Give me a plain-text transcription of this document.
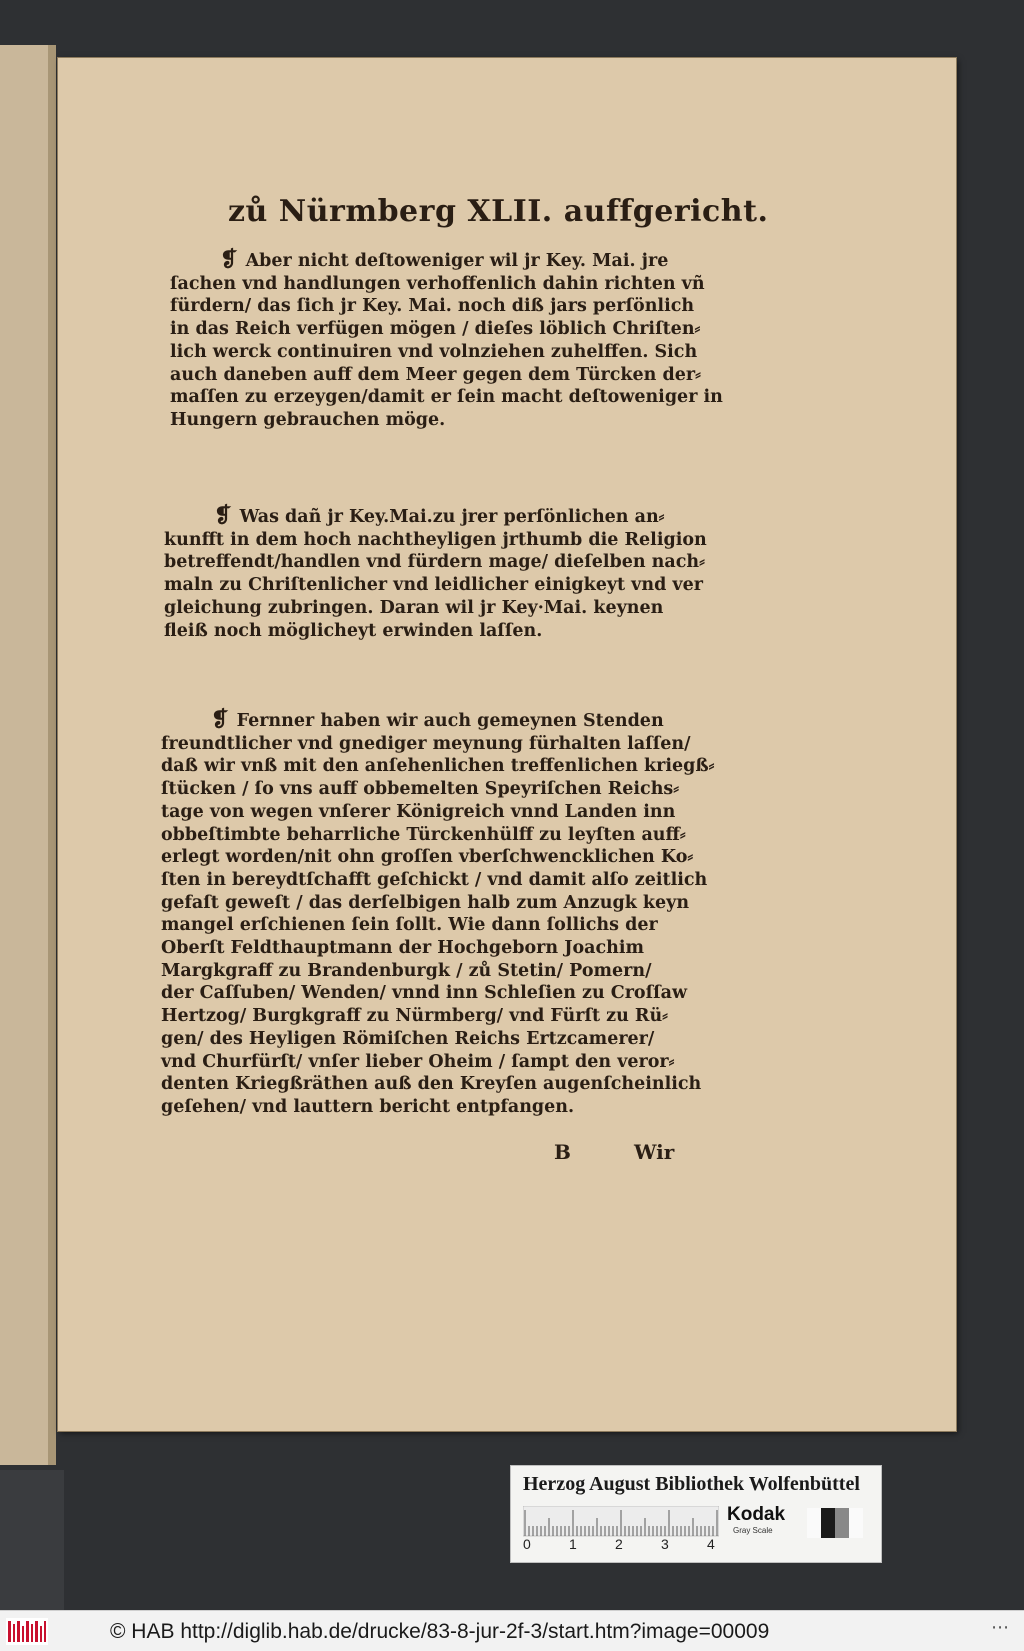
zů Nürmberg XLII. auffgericht.
❡ Aber nicht deſtoweniger wil jr Key. Mai. jre
ſachen vnd handlungen verhoffenlich dahin richten vñ
fürdern/ das ſich jr Key. Mai. noch diß jars perſönlich
in das Reich verfügen mögen / dieſes löblich Chriſten⸗
lich werck continuiren vnd volnziehen zuhelffen. Sich
auch daneben auff dem Meer gegen dem Türcken der⸗
maſſen zu erzeygen/damit er ſein macht deſtoweniger in
Hungern gebrauchen möge.
❡ Was dañ jr Key.Mai.zu jrer perſönlichen an⸗
kunfft in dem hoch nachtheyligen jrthumb die Religion
betreffendt/handlen vnd fürdern mage/ dieſelben nach⸗
maln zu Chriſtenlicher vnd leidlicher einigkeyt vnd ver
gleichung zubringen. Daran wil jr Key·Mai. keynen
fleiß noch möglicheyt erwinden laſſen.
❡ Fernner haben wir auch gemeynen Stenden
freundtlicher vnd gnediger meynung fürhalten laſſen/
daß wir vnß mit den anſehenlichen treffenlichen kriegß⸗
ſtücken / ſo vns auff obbemelten Speyriſchen Reichs⸗
tage von wegen vnſerer Königreich vnnd Landen inn
obbeſtimbte beharrliche Türckenhülff zu leyſten auff⸗
erlegt worden/nit ohn groſſen vberſchwencklichen Ko⸗
ſten in bereydtſchafft geſchickt / vnd damit alſo zeitlich
gefaſt geweſt / das derſelbigen halb zum Anzugk keyn
mangel erſchienen ſein ſollt. Wie dann ſollichs der
Oberſt Feldthauptmann der Hochgeborn Joachim
Margkgraff zu Brandenburgk / zů Stetin/ Pomern/
der Caſſuben/ Wenden/ vnnd inn Schleſien zu Croſſaw
Hertzog/ Burgkgraff zu Nürmberg/ vnd Fürſt zu Rü⸗
gen/ des Heyligen Römiſchen Reichs Ertzcamerer/
vnd Churfürſt/ vnſer lieber Oheim / ſampt den veror⸗
denten Kriegßräthen auß den Kreyſen augenſcheinlich
geſehen/ vnd lauttern bericht entpfangen.
B	Wir
Herzog August Bibliothek Wolfenbüttel
0	1	2	3	4
Kodak
Gray Scale
© HAB http://diglib.hab.de/drucke/83-8-jur-2f-3/start.htm?image=00009	⋯
